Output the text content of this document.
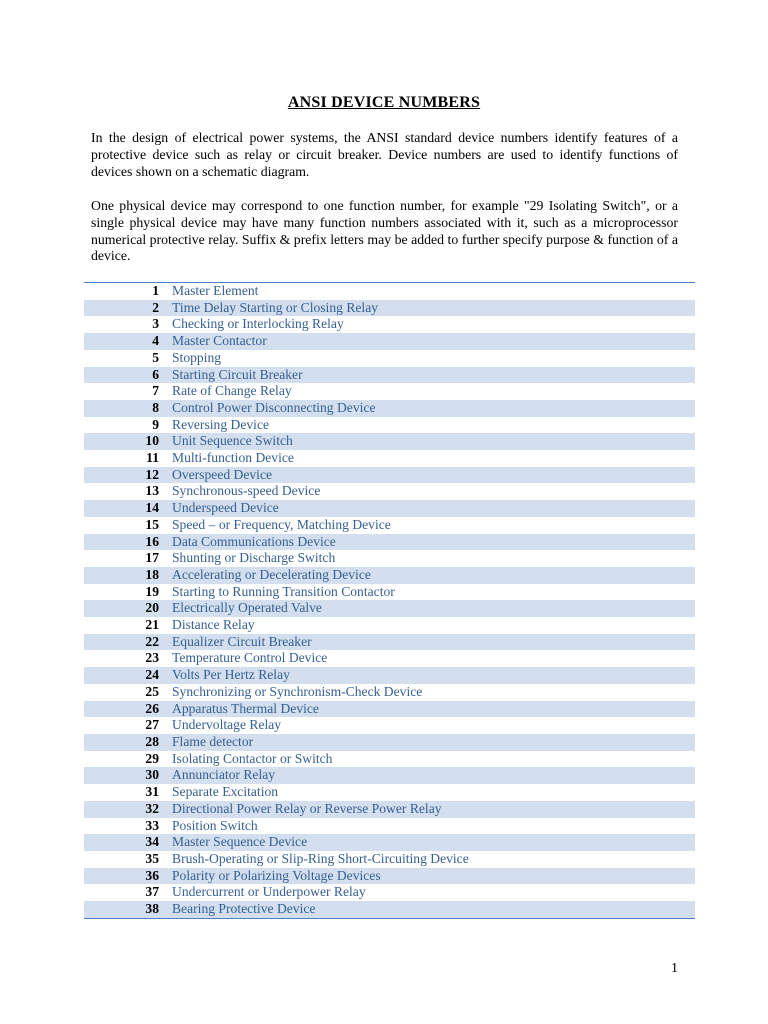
ANSI DEVICE NUMBERS

In the design of electrical power systems, the ANSI standard device numbers identify features of a protective device such as relay or circuit breaker. Device numbers are used to identify functions of devices shown on a schematic diagram.

One physical device may correspond to one function number, for example "29 Isolating Switch", or a single physical device may have many function numbers associated with it, such as a microprocessor numerical protective relay. Suffix & prefix letters may be added to further specify purpose & function of a device.

1	Master Element
2	Time Delay Starting or Closing Relay
3	Checking or Interlocking Relay
4	Master Contactor
5	Stopping
6	Starting Circuit Breaker
7	Rate of Change Relay
8	Control Power Disconnecting Device
9	Reversing Device
10	Unit Sequence Switch
11	Multi-function Device
12	Overspeed Device
13	Synchronous-speed Device
14	Underspeed Device
15	Speed – or Frequency, Matching Device
16	Data Communications Device
17	Shunting or Discharge Switch
18	Accelerating or Decelerating Device
19	Starting to Running Transition Contactor
20	Electrically Operated Valve
21	Distance Relay
22	Equalizer Circuit Breaker
23	Temperature Control Device
24	Volts Per Hertz Relay
25	Synchronizing or Synchronism-Check Device
26	Apparatus Thermal Device
27	Undervoltage Relay
28	Flame detector
29	Isolating Contactor or Switch
30	Annunciator Relay
31	Separate Excitation
32	Directional Power Relay or Reverse Power Relay
33	Position Switch
34	Master Sequence Device
35	Brush-Operating or Slip-Ring Short-Circuiting Device
36	Polarity or Polarizing Voltage Devices
37	Undercurrent or Underpower Relay
38	Bearing Protective Device
1
